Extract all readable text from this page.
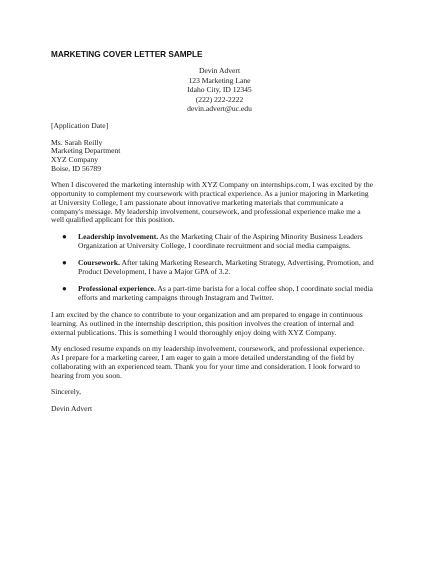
MARKETING COVER LETTER SAMPLE
Devin Advert
123 Marketing Lane
Idaho City, ID 12345
(222) 222-2222
devin.advert@uc.edu
[Application Date]
Ms. Sarah Reilly
Marketing Department
XYZ Company
Boise, ID 56789
When I discovered the marketing internship with XYZ Company on internships.com, I was excited by the
opportunity to complement my coursework with practical experience. As a junior majoring in Marketing
at University College, I am passionate about innovative marketing materials that communicate a
company's message. My leadership involvement, coursework, and professional experience make me a
well qualified applicant for this position.
● Leadership involvement. As the Marketing Chair of the Aspiring Minority Business Leaders
Organization at University College, I coordinate recruitment and social media campaigns.
● Coursework. After taking Marketing Research, Marketing Strategy, Advertising, Promotion, and
Product Development, I have a Major GPA of 3.2.
● Professional experience. As a part-time barista for a local coffee shop, I coordinate social media
efforts and marketing campaigns through Instagram and Twitter.
I am excited by the chance to contribute to your organization and am prepared to engage in continuous
learning. As outlined in the internship description, this position involves the creation of internal and
external publications. This is something I would thoroughly enjoy doing with XYZ Company.
My enclosed resume expands on my leadership involvement, coursework, and professional experience.
As I prepare for a marketing career, I am eager to gain a more detailed understanding of the field by
collaborating with an experienced team. Thank you for your time and consideration. I look forward to
hearing from you soon.
Sincerely,
Devin Advert
